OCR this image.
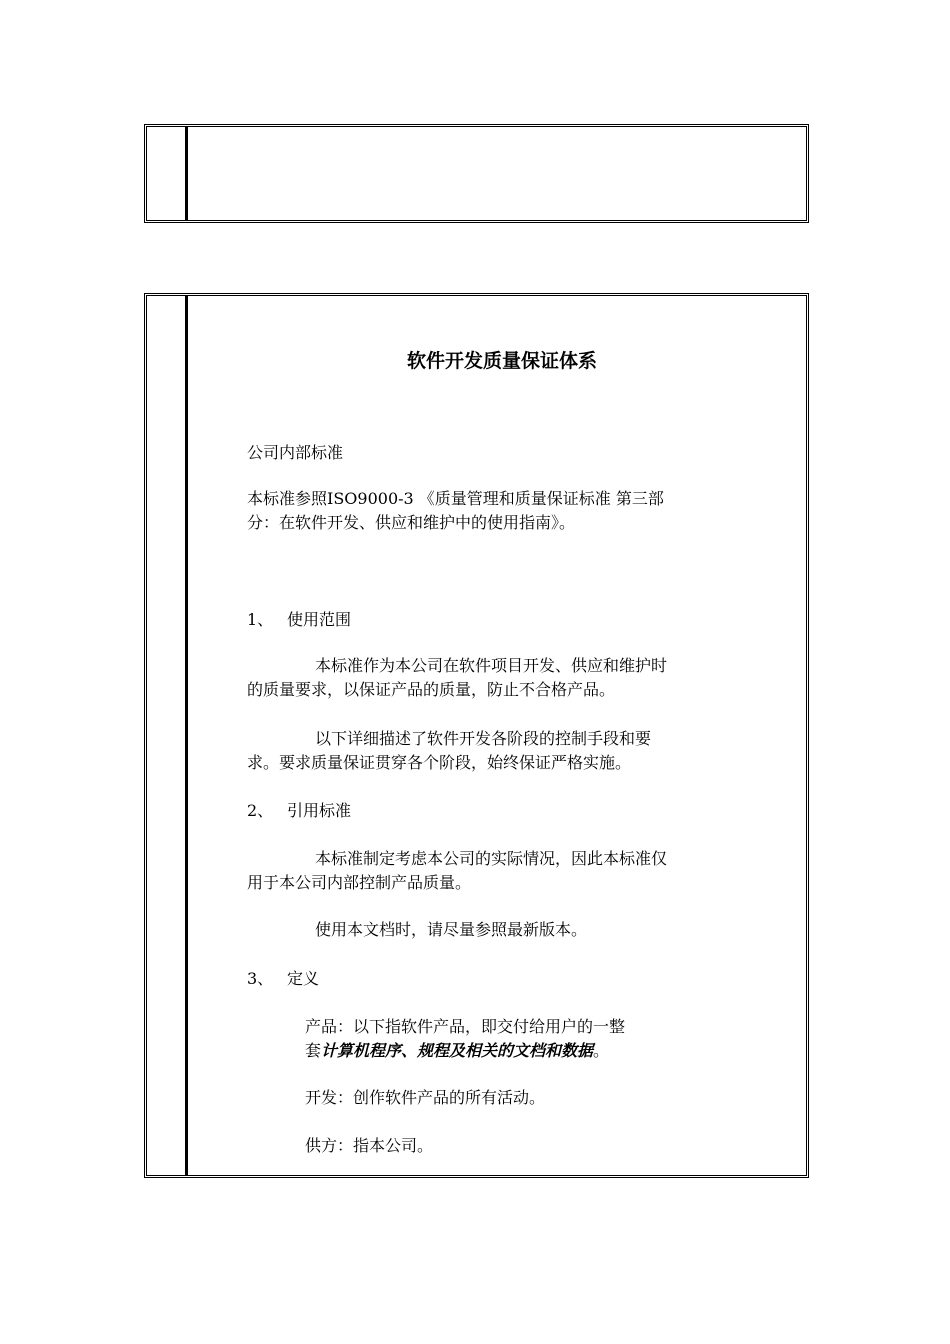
软件开发质量保证体系

公司内部标准

本标准参照ISO9000-3 《质量管理和质量保证标准 第三部

分：在软件开发、供应和维护中的使用指南》。

1、 使用范围

本标准作为本公司在软件项目开发、供应和维护时

的质量要求，以保证产品的质量，防止不合格产品。

以下详细描述了软件开发各阶段的控制手段和要

求。要求质量保证贯穿各个阶段，始终保证严格实施。

2、 引用标准

本标准制定考虑本公司的实际情况，因此本标准仅

用于本公司内部控制产品质量。

使用本文档时，请尽量参照最新版本。

3、 定义

产品：以下指软件产品，即交付给用户的一整

套计算机程序、规程及相关的文档和数据。

开发：创作软件产品的所有活动。

供方：指本公司。
